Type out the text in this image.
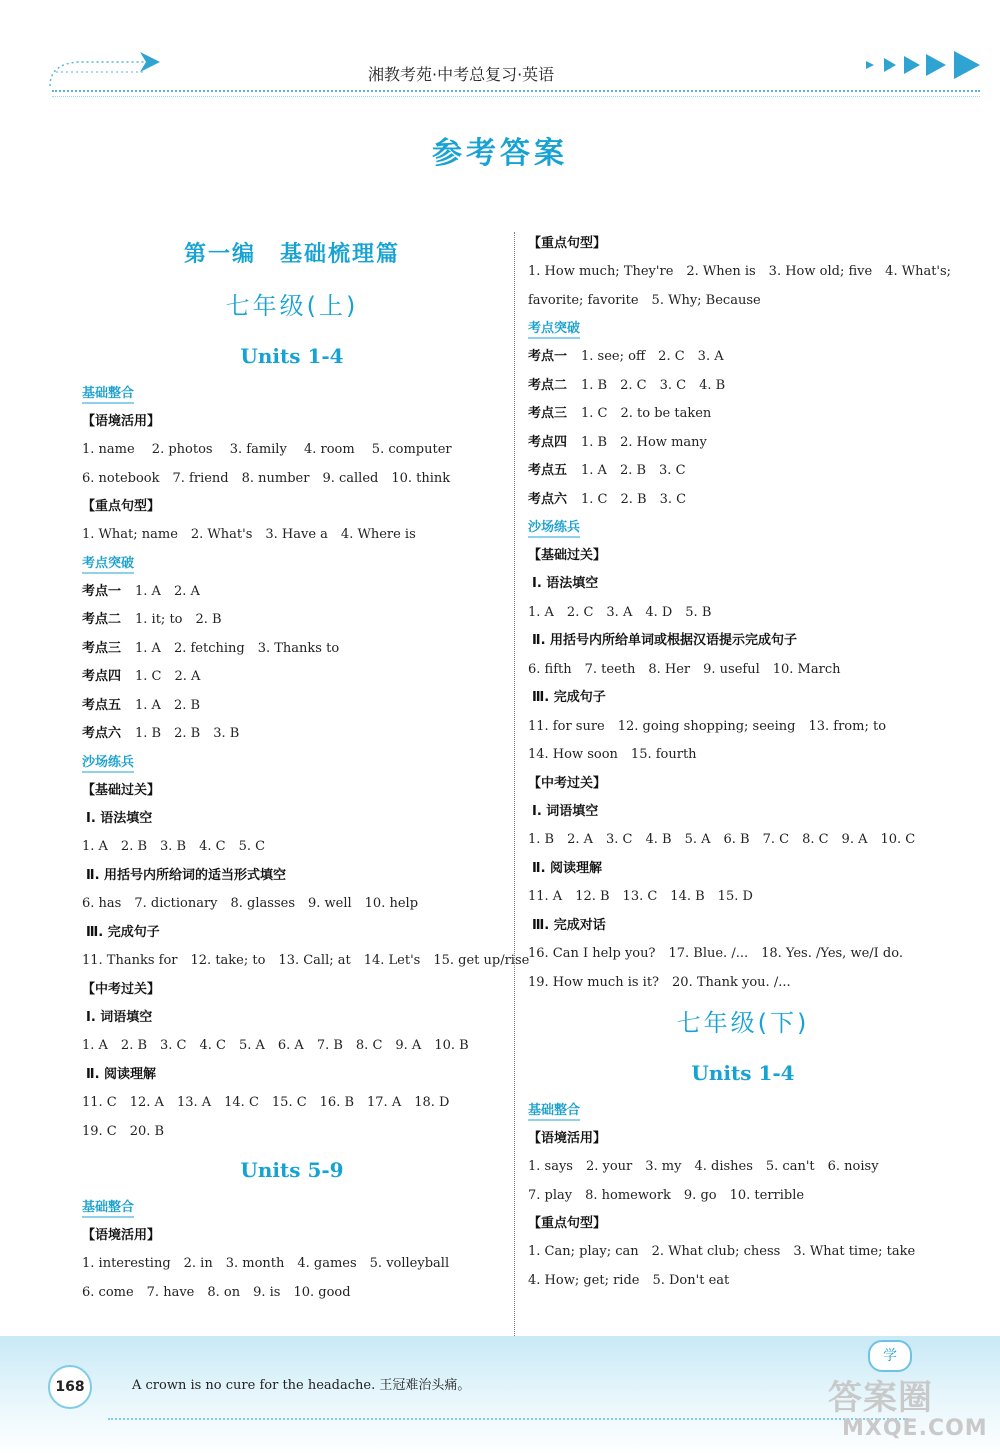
湘教考苑·中考总复习·英语
参考答案
第一编　基础梳理篇
七年级(上)
Units 1-4
基础整合
【语境活用】
1. name　 2. photos　 3. family　 4. room　 5. computer
6. notebook　7. friend　8. number　9. called　10. think
【重点句型】
1. What; name　2. What's　3. Have a　4. Where is
考点突破
考点一 1. A　2. A
考点二 1. it; to　2. B
考点三 1. A　2. fetching　3. Thanks to
考点四 1. C　2. A
考点五 1. A　2. B
考点六 1. B　2. B　3. B
沙场练兵
【基础过关】
Ⅰ. 语法填空
1. A　2. B　3. B　4. C　5. C
Ⅱ. 用括号内所给词的适当形式填空
6. has　7. dictionary　8. glasses　9. well　10. help
Ⅲ. 完成句子
11. Thanks for　12. take; to　13. Call; at　14. Let's　15. get up/rise
【中考过关】
Ⅰ. 词语填空
1. A　2. B　3. C　4. C　5. A　6. A　7. B　8. C　9. A　10. B
Ⅱ. 阅读理解
11. C　12. A　13. A　14. C　15. C　16. B　17. A　18. D
19. C　20. B
Units 5-9
基础整合
【语境活用】
1. interesting　2. in　3. month　4. games　5. volleyball
6. come　7. have　8. on　9. is　10. good
【重点句型】
1. How much; They're　2. When is　3. How old; five　4. What's;
favorite; favorite　5. Why; Because
考点突破
考点一 1. see; off　2. C　3. A
考点二 1. B　2. C　3. C　4. B
考点三 1. C　2. to be taken
考点四 1. B　2. How many
考点五 1. A　2. B　3. C
考点六 1. C　2. B　3. C
沙场练兵
【基础过关】
Ⅰ. 语法填空
1. A　2. C　3. A　4. D　5. B
Ⅱ. 用括号内所给单词或根据汉语提示完成句子
6. fifth　7. teeth　8. Her　9. useful　10. March
Ⅲ. 完成句子
11. for sure　12. going shopping; seeing　13. from; to
14. How soon　15. fourth
【中考过关】
Ⅰ. 词语填空
1. B　2. A　3. C　4. B　5. A　6. B　7. C　8. C　9. A　10. C
Ⅱ. 阅读理解
11. A　12. B　13. C　14. B　15. D
Ⅲ. 完成对话
16. Can I help you?　17. Blue. /...　18. Yes. /Yes, we/I do.
19. How much is it?　20. Thank you. /...
七年级(下)
Units 1-4
基础整合
【语境活用】
1. says　2. your　3. my　4. dishes　5. can't　6. noisy
7. play　8. homework　9. go　10. terrible
【重点句型】
1. Can; play; can　2. What club; chess　3. What time; take
4. How; get; ride　5. Don't eat
168	A crown is no cure for the headache. 王冠难治头痛。
学
答案圈
MXQE.COM
